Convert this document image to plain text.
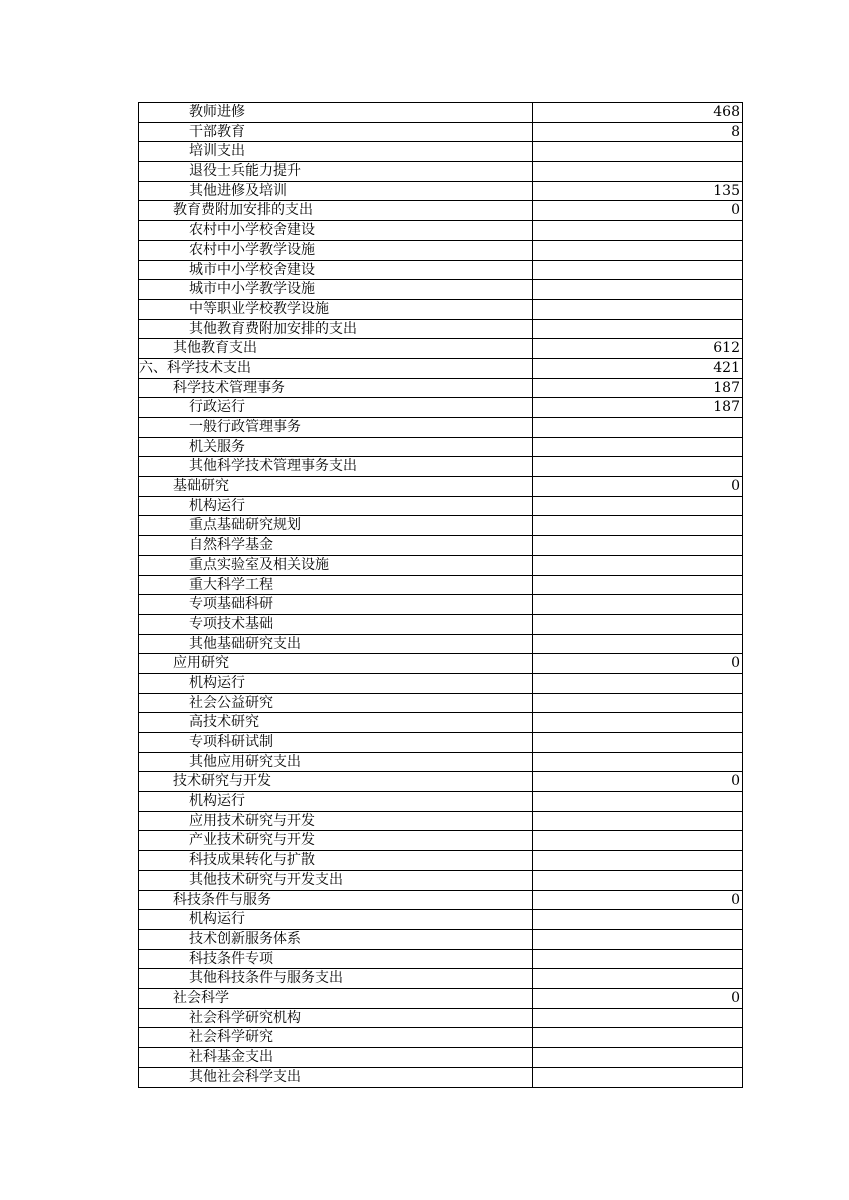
教师进修	468
干部教育	8
培训支出
退役士兵能力提升
其他进修及培训	135
教育费附加安排的支出	0
农村中小学校舍建设
农村中小学教学设施
城市中小学校舍建设
城市中小学教学设施
中等职业学校教学设施
其他教育费附加安排的支出
其他教育支出	612
六、科学技术支出	421
科学技术管理事务	187
行政运行	187
一般行政管理事务
机关服务
其他科学技术管理事务支出
基础研究	0
机构运行
重点基础研究规划
自然科学基金
重点实验室及相关设施
重大科学工程
专项基础科研
专项技术基础
其他基础研究支出
应用研究	0
机构运行
社会公益研究
高技术研究
专项科研试制
其他应用研究支出
技术研究与开发	0
机构运行
应用技术研究与开发
产业技术研究与开发
科技成果转化与扩散
其他技术研究与开发支出
科技条件与服务	0
机构运行
技术创新服务体系
科技条件专项
其他科技条件与服务支出
社会科学	0
社会科学研究机构
社会科学研究
社科基金支出
其他社会科学支出
